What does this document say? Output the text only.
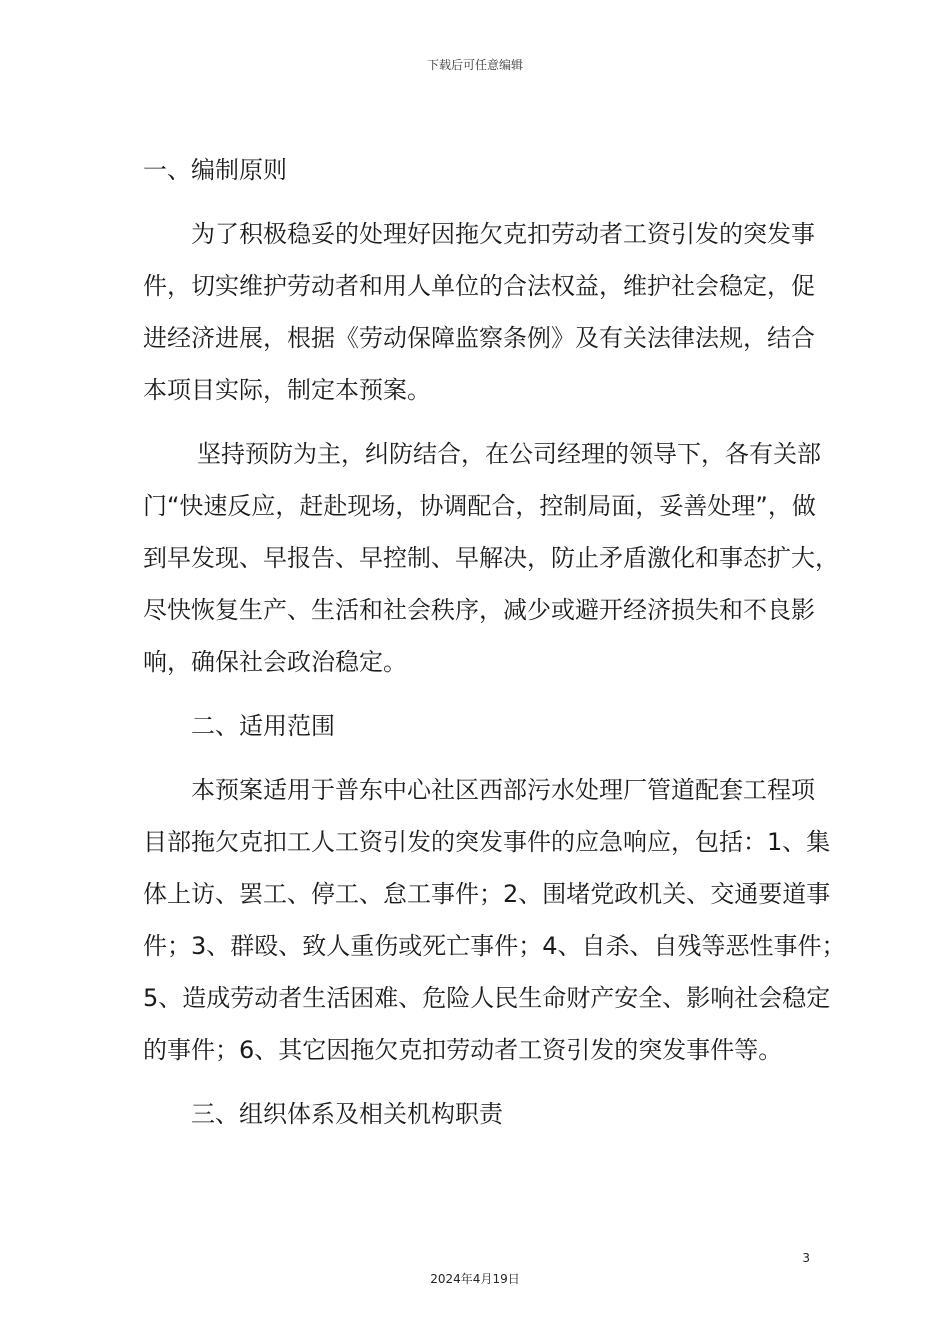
下载后可任意编辑
一、编制原则
为了积极稳妥的处理好因拖欠克扣劳动者工资引发的突发事
件，切实维护劳动者和用人单位的合法权益，维护社会稳定，促
进经济进展，根据《劳动保障监察条例》及有关法律法规，结合
本项目实际，制定本预案。
坚持预防为主，纠防结合，在公司经理的领导下，各有关部
门“快速反应，赶赴现场，协调配合，控制局面，妥善处理”，做
到早发现、早报告、早控制、早解决，防止矛盾激化和事态扩大，
尽快恢复生产、生活和社会秩序，减少或避开经济损失和不良影
响，确保社会政治稳定。
二、适用范围
本预案适用于普东中心社区西部污水处理厂管道配套工程项
目部拖欠克扣工人工资引发的突发事件的应急响应，包括：1、集
体上访、罢工、停工、怠工事件；2、围堵党政机关、交通要道事
件；3、群殴、致人重伤或死亡事件；4、自杀、自残等恶性事件；
5、造成劳动者生活困难、危险人民生命财产安全、影响社会稳定
的事件；6、其它因拖欠克扣劳动者工资引发的突发事件等。
三、组织体系及相关机构职责
3
2024年4月19日
